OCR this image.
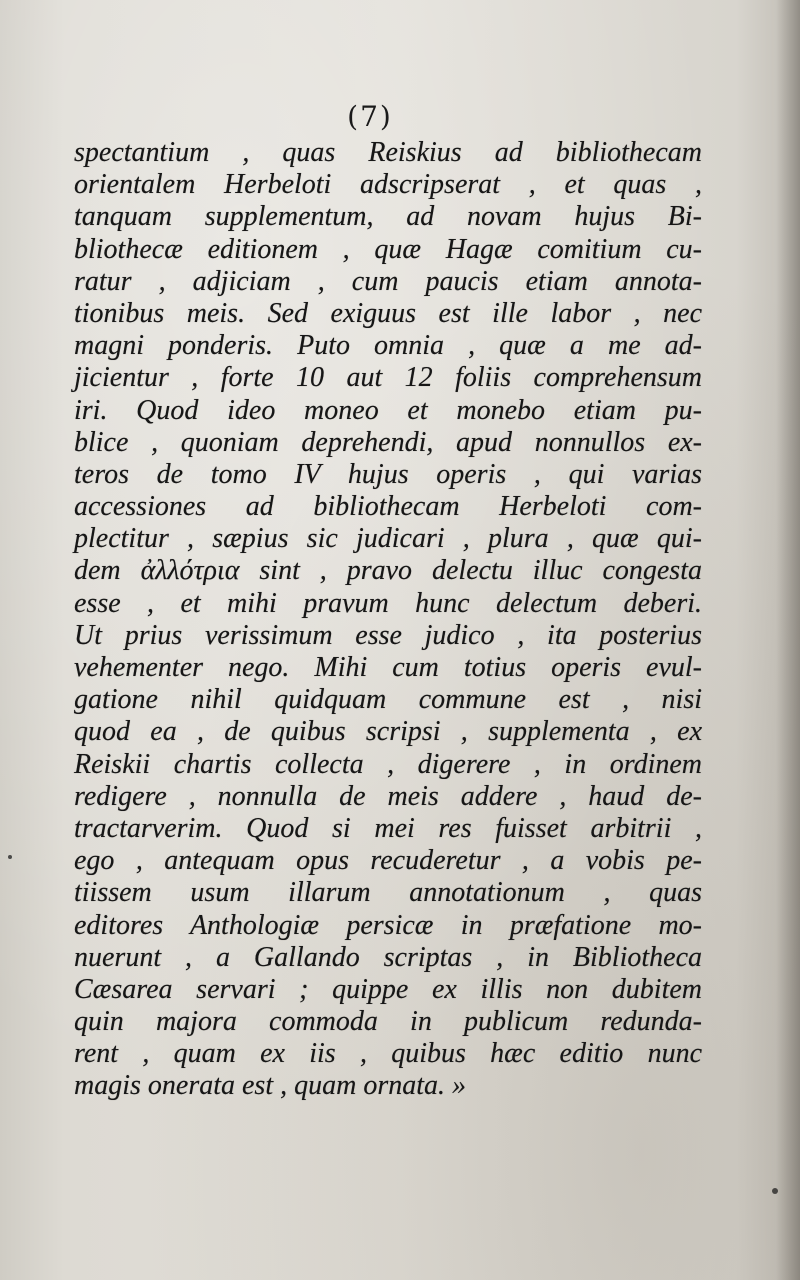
(7)
spectantium , quas Reiskius ad bibliothecam
orientalem Herbeloti adscripserat , et quas ,
tanquam supplementum, ad novam hujus Bi-
bliothecæ editionem , quæ Hagæ comitium cu-
ratur , adjiciam , cum paucis etiam annota-
tionibus meis. Sed exiguus est ille labor , nec
magni ponderis. Puto omnia , quæ a me ad-
jicientur , forte 10 aut 12 foliis comprehensum
iri. Quod ideo moneo et monebo etiam pu-
blice , quoniam deprehendi, apud nonnullos ex-
teros de tomo IV hujus operis , qui varias
accessiones ad bibliothecam Herbeloti com-
plectitur , sæpius sic judicari , plura , quæ qui-
dem ἀλλότρια sint , pravo delectu illuc congesta
esse , et mihi pravum hunc delectum deberi.
Ut prius verissimum esse judico , ita posterius
vehementer nego. Mihi cum totius operis evul-
gatione nihil quidquam commune est , nisi
quod ea , de quibus scripsi , supplementa , ex
Reiskii chartis collecta , digerere , in ordinem
redigere , nonnulla de meis addere , haud de-
tractarverim. Quod si mei res fuisset arbitrii ,
ego , antequam opus recuderetur , a vobis pe-
tiissem usum illarum annotationum , quas
editores Anthologiæ persicæ in præfatione mo-
nuerunt , a Gallando scriptas , in Bibliotheca
Cæsarea servari ; quippe ex illis non dubitem
quin majora commoda in publicum redunda-
rent , quam ex iis , quibus hæc editio nunc
magis onerata est , quam ornata. »
